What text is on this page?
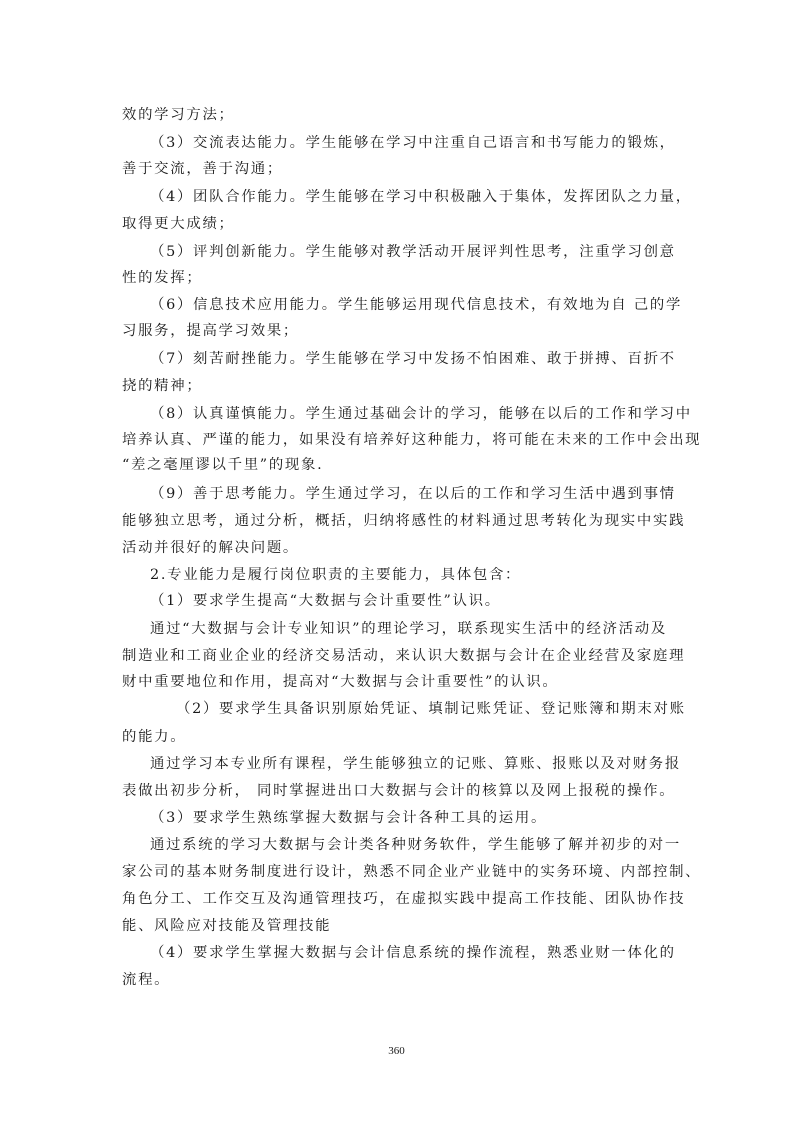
效的学习方法；
（3）交流表达能力。学生能够在学习中注重自己语言和书写能力的锻炼，
善于交流，善于沟通；
（4）团队合作能力。学生能够在学习中积极融入于集体，发挥团队之力量，
取得更大成绩；
（5）评判创新能力。学生能够对教学活动开展评判性思考，注重学习创意
性的发挥；
（6）信息技术应用能力。学生能够运用现代信息技术，有效地为自 己的学
习服务，提高学习效果；
（7）刻苦耐挫能力。学生能够在学习中发扬不怕困难、敢于拼搏、百折不
挠的精神；
（8）认真谨慎能力。学生通过基础会计的学习，能够在以后的工作和学习中
培养认真、严谨的能力，如果没有培养好这种能力，将可能在未来的工作中会出现
“差之毫厘谬以千里”的现象.
（9）善于思考能力。学生通过学习，在以后的工作和学习生活中遇到事情
能够独立思考，通过分析，概括，归纳将感性的材料通过思考转化为现实中实践
活动并很好的解决问题。
2.专业能力是履行岗位职责的主要能力，具体包含：
（1）要求学生提高“大数据与会计重要性”认识。
通过“大数据与会计专业知识”的理论学习，联系现实生活中的经济活动及
制造业和工商业企业的经济交易活动，来认识大数据与会计在企业经营及家庭理
财中重要地位和作用，提高对“大数据与会计重要性”的认识。
（2）要求学生具备识别原始凭证、填制记账凭证、登记账簿和期末对账
的能力。
通过学习本专业所有课程，学生能够独立的记账、算账、报账以及对财务报
表做出初步分析， 同时掌握进出口大数据与会计的核算以及网上报税的操作。
（3）要求学生熟练掌握大数据与会计各种工具的运用。
通过系统的学习大数据与会计类各种财务软件，学生能够了解并初步的对一
家公司的基本财务制度进行设计，熟悉不同企业产业链中的实务环境、内部控制、
角色分工、工作交互及沟通管理技巧，在虚拟实践中提高工作技能、团队协作技
能、风险应对技能及管理技能
（4）要求学生掌握大数据与会计信息系统的操作流程，熟悉业财一体化的
流程。
360
